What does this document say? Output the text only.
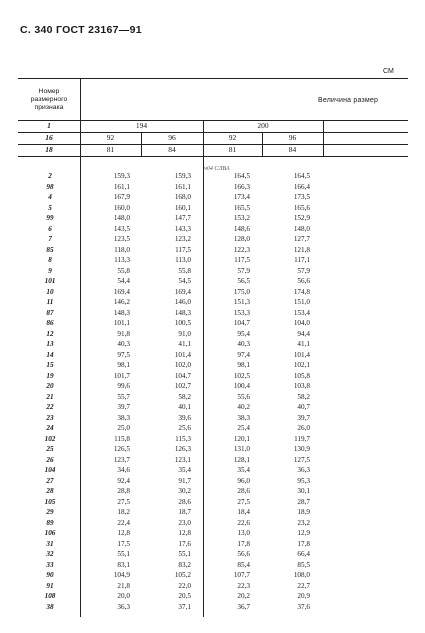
С. 340 ГОСТ 23167—91
СМ
ч04 СЛВА
Номер
размерного
признака
Величина размер
1	194	200
16	92	96	92	96
18	81	84	81	84
2	159,3	159,3	164,5	164,5
98	161,1	161,1	166,3	166,4
4	167,9	168,0	173,4	173,5
5	160,0	160,1	165,5	165,6
99	148,0	147,7	153,2	152,9
6	143,5	143,3	148,6	148,0
7	123,5	123,2	128,0	127,7
85	118,0	117,5	122,3	121,8
8	113,3	113,0	117,5	117,1
9	55,8	55,8	57,9	57,9
101	54,4	54,5	56,5	56,6
10	169,4	169,4	175,0	174,8
11	146,2	146,0	151,3	151,0
87	148,3	148,3	153,3	153,4
86	101,1	100,5	104,7	104,0
12	91,8	91,0	95,4	94,4
13	40,3	41,1	40,3	41,1
14	97,5	101,4	97,4	101,4
15	98,1	102,0	98,1	102,1
19	101,7	104,7	102,5	105,8
20	99,6	102,7	100,4	103,8
21	55,7	58,2	55,6	58,2
22	39,7	40,1	40,2	40,7
23	38,3	39,6	38,3	39,7
24	25,0	25,6	25,4	26,0
102	115,8	115,3	120,1	119,7
25	126,5	126,3	131,0	130,9
26	123,7	123,1	128,1	127,5
104	34,6	35,4	35,4	36,3
27	92,4	91,7	96,0	95,3
28	28,8	30,2	28,6	30,1
105	27,5	28,6	27,5	28,7
29	18,2	18,7	18,4	18,9
89	22,4	23,0	22,6	23,2
106	12,8	12,8	13,0	12,9
31	17,5	17,6	17,8	17,8
32	55,1	55,1	56,6	66,4
33	83,1	83,2	85,4	85,5
90	104,9	105,2	107,7	108,0
91	21,8	22,0	22,3	22,7
108	20,0	20,5	20,2	20,9
38	36,3	37,1	36,7	37,6
